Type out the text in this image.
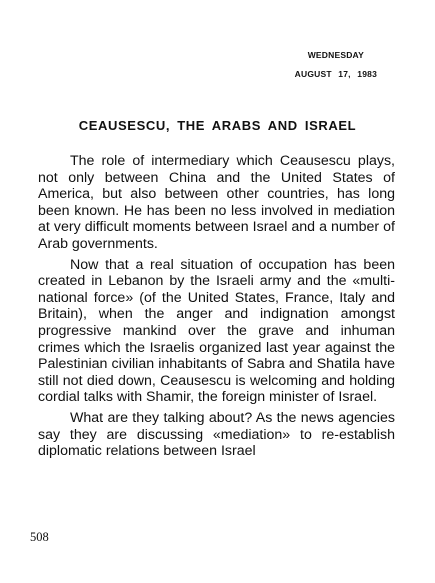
WEDNESDAY
AUGUST 17, 1983
CEAUSESCU, THE ARABS AND ISRAEL

The role of intermediary which Ceausescu plays, not only between China and the United States of America, but also between other countries, has long been known. He has been no less involved in mediation at very difficult moments between Israel and a number of Arab governments.

Now that a real situation of occupation has been created in Lebanon by the Israeli army and the «multi-national force» (of the United States, France, Italy and Britain), when the anger and indignation amongst progressive mankind over the grave and inhuman crimes which the Israelis organized last year against the Palestinian civilian inhabitants of Sabra and Shatila have still not died down, Ceausescu is welcoming and holding cordial talks with Shamir, the foreign minister of Israel.

What are they talking about? As the news agencies say they are discussing «mediation» to re-establish diplomatic relations between Israel

508
